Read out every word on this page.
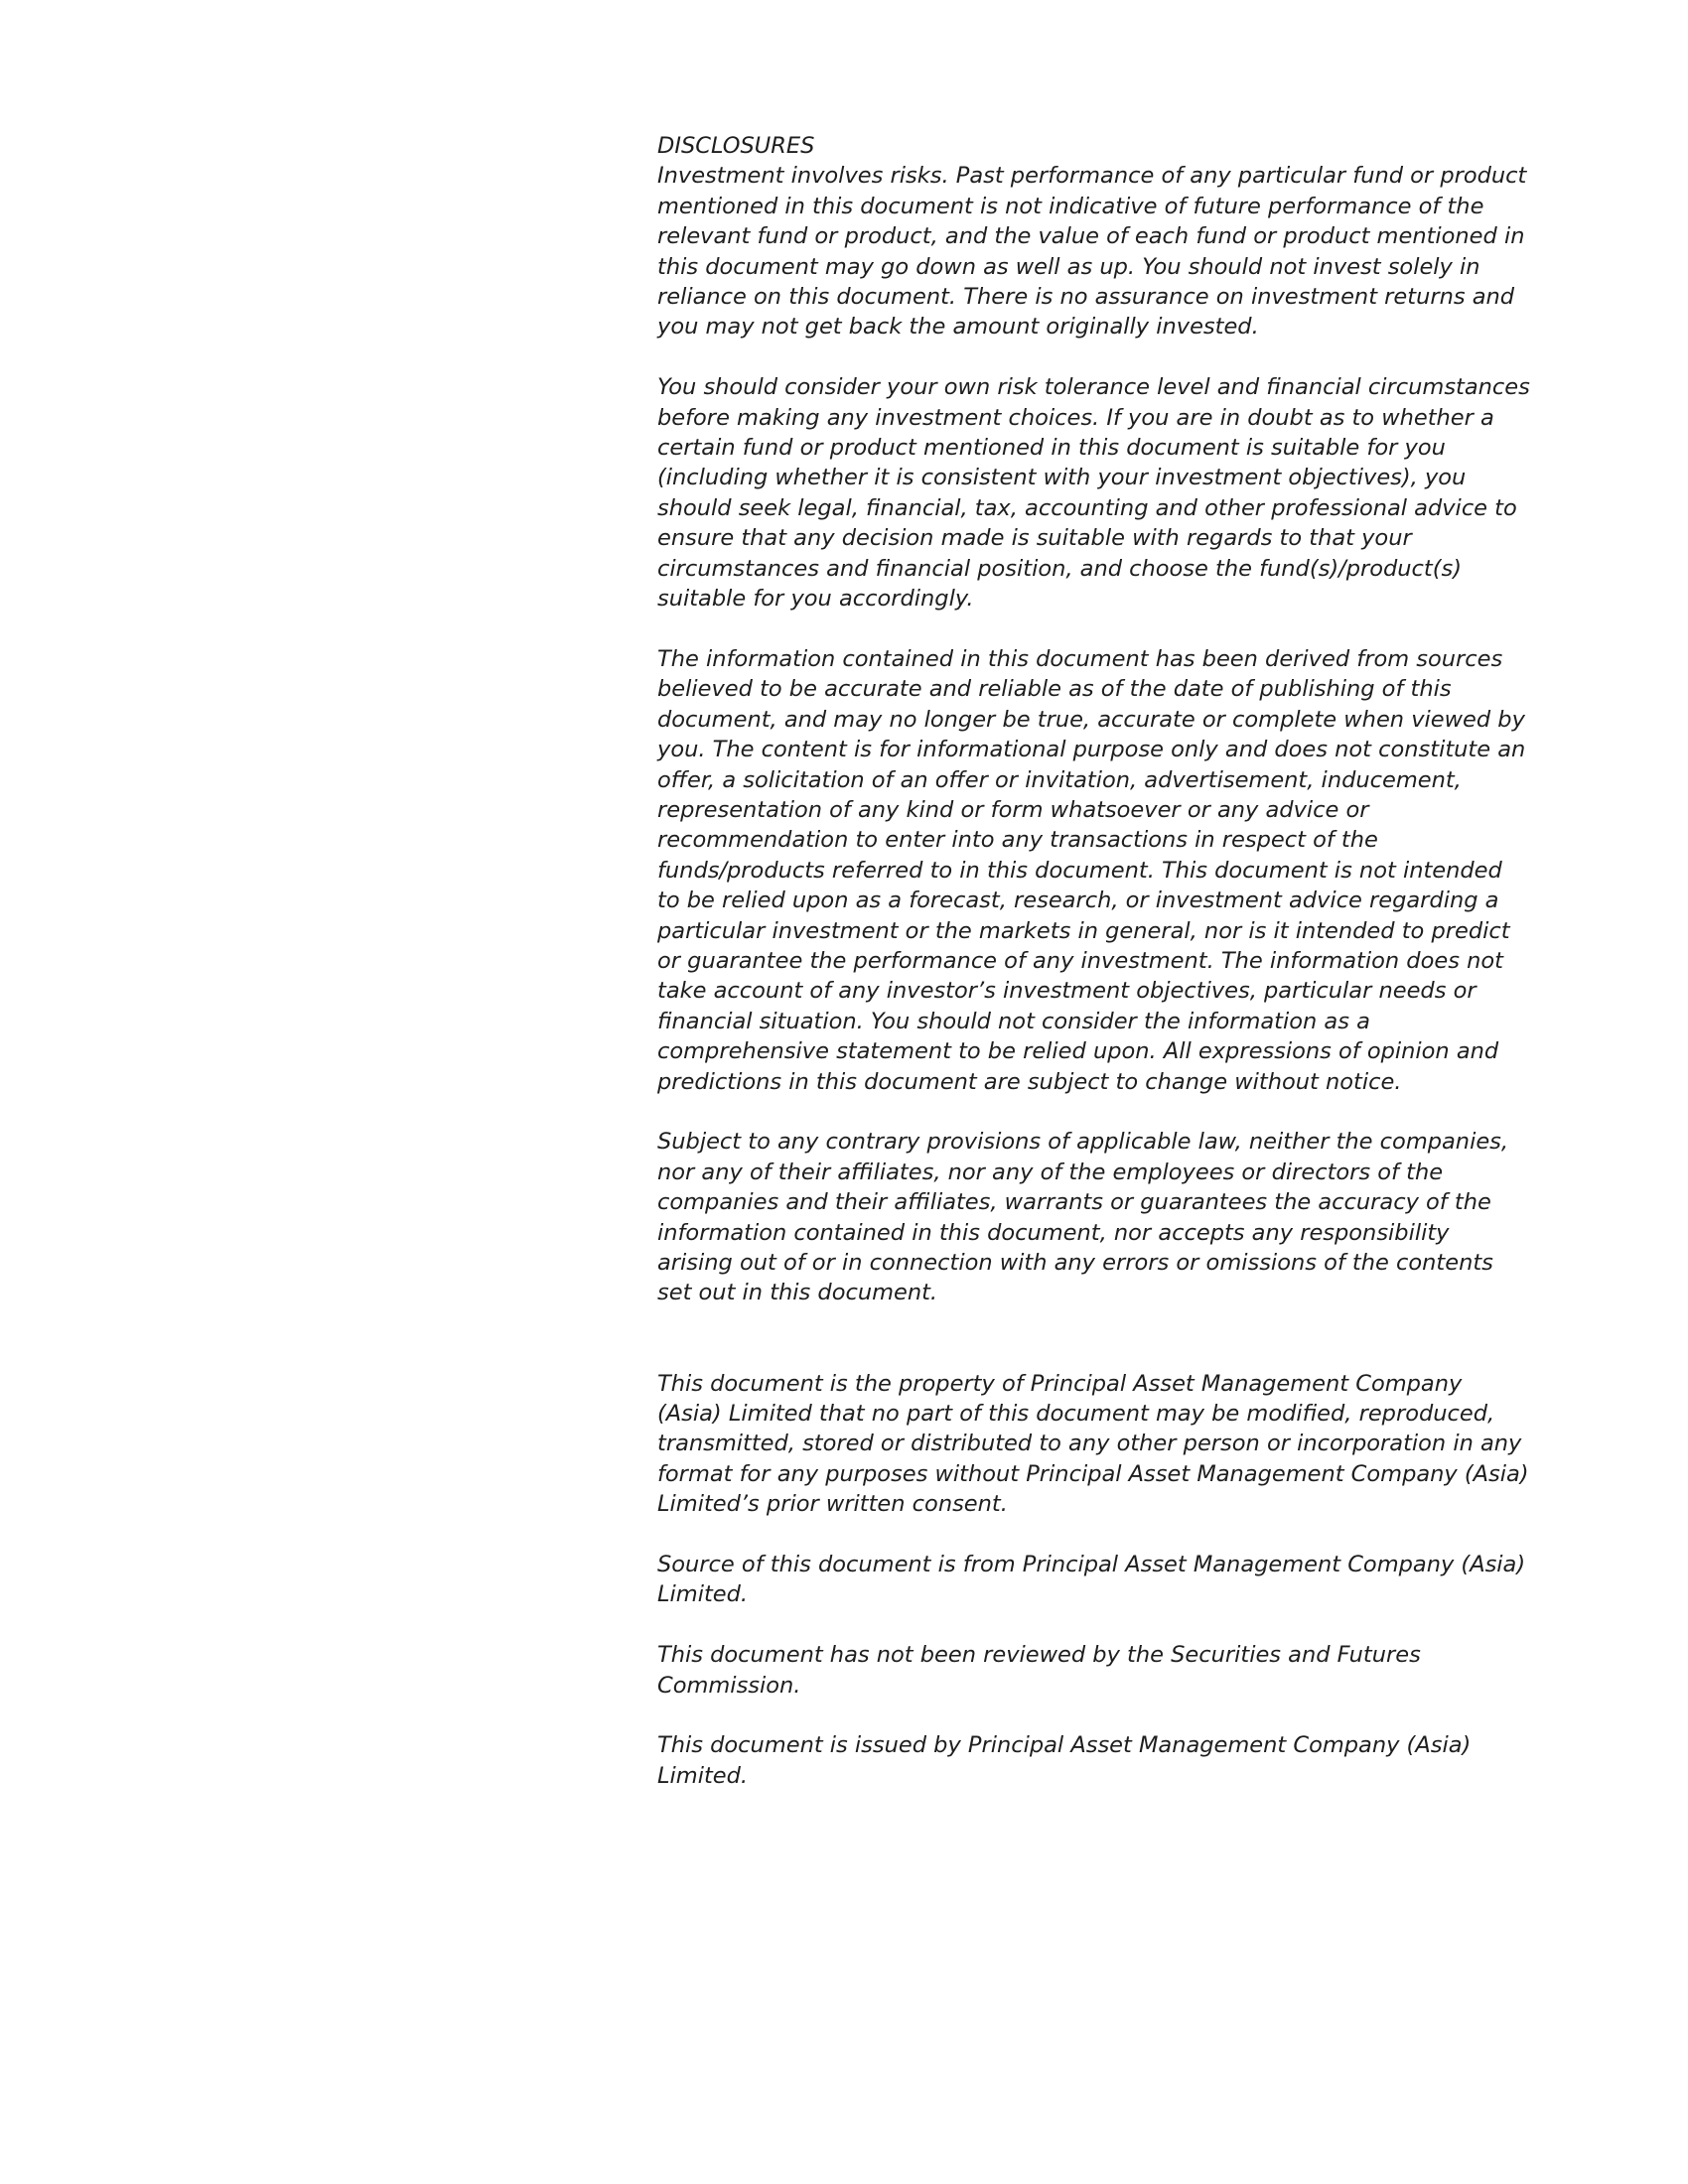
DISCLOSURES

Investment involves risks. Past performance of any particular fund or product mentioned in this document is not indicative of future performance of the relevant fund or product, and the value of each fund or product mentioned in this document may go down as well as up. You should not invest solely in reliance on this document. There is no assurance on investment returns and you may not get back the amount originally invested.

You should consider your own risk tolerance level and financial circumstances before making any investment choices. If you are in doubt as to whether a certain fund or product mentioned in this document is suitable for you (including whether it is consistent with your investment objectives), you should seek legal, financial, tax, accounting and other professional advice to ensure that any decision made is suitable with regards to that your circumstances and financial position, and choose the fund(s)/product(s) suitable for you accordingly.

The information contained in this document has been derived from sources believed to be accurate and reliable as of the date of publishing of this document, and may no longer be true, accurate or complete when viewed by you. The content is for informational purpose only and does not constitute an offer, a solicitation of an offer or invitation, advertisement, inducement, representation of any kind or form whatsoever or any advice or recommendation to enter into any transactions in respect of the funds/products referred to in this document. This document is not intended to be relied upon as a forecast, research, or investment advice regarding a particular investment or the markets in general, nor is it intended to predict or guarantee the performance of any investment. The information does not take account of any investor’s investment objectives, particular needs or financial situation. You should not consider the information as a comprehensive statement to be relied upon. All expressions of opinion and predictions in this document are subject to change without notice.

Subject to any contrary provisions of applicable law, neither the companies, nor any of their affiliates, nor any of the employees or directors of the companies and their affiliates, warrants or guarantees the accuracy of the information contained in this document, nor accepts any responsibility arising out of or in connection with any errors or omissions of the contents set out in this document.

This document is the property of Principal Asset Management Company (Asia) Limited that no part of this document may be modified, reproduced, transmitted, stored or distributed to any other person or incorporation in any format for any purposes without Principal Asset Management Company (Asia) Limited’s prior written consent.

Source of this document is from Principal Asset Management Company (Asia) Limited.

This document has not been reviewed by the Securities and Futures Commission.

This document is issued by Principal Asset Management Company (Asia) Limited.
